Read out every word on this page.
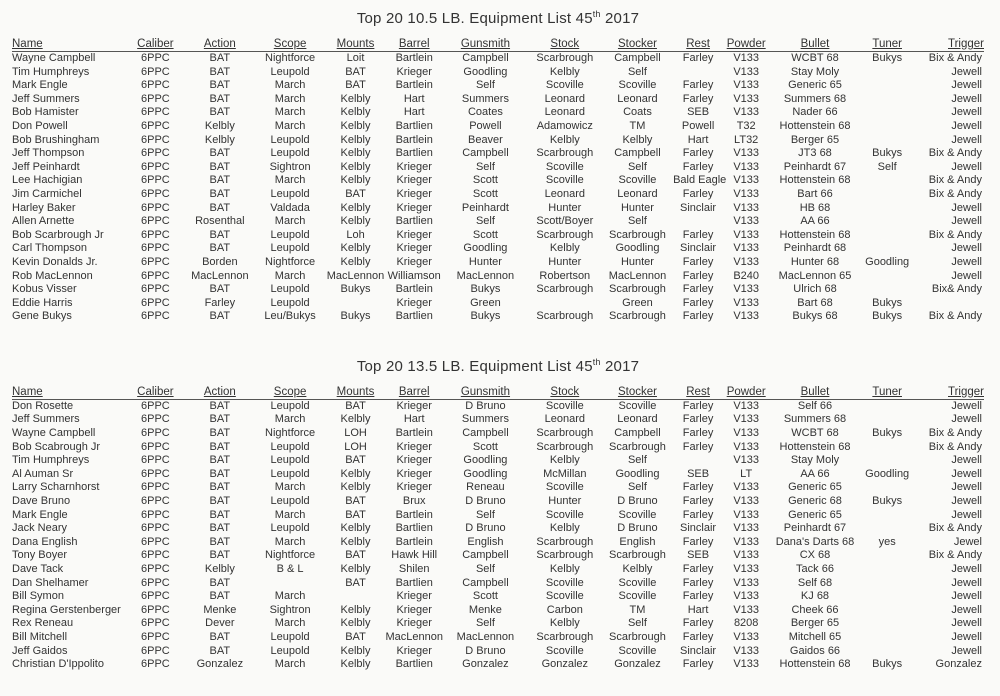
Top 20 10.5 LB. Equipment List 45th 2017
Name	Caliber	Action	Scope	Mounts	Barrel	Gunsmith	Stock	Stocker	Rest	Powder	Bullet	Tuner	Trigger
Wayne Campbell	6PPC	BAT	Nightforce	Loit	Bartlein	Campbell	Scarbrough	Campbell	Farley	V133	WCBT 68	Bukys	Bix & Andy
Tim Humphreys	6PPC	BAT	Leupold	BAT	Krieger	Goodling	Kelbly	Self		V133	Stay Moly		Jewell
Mark Engle	6PPC	BAT	March	BAT	Bartlein	Self	Scoville	Scoville	Farley	V133	Generic 65		Jewell
Jeff Summers	6PPC	BAT	March	Kelbly	Hart	Summers	Leonard	Leonard	Farley	V133	Summers 68		Jewell
Bob Hamister	6PPC	BAT	March	Kelbly	Hart	Coates	Leonard	Coats	SEB	V133	Nader 66		Jewell
Don Powell	6PPC	Kelbly	March	Kelbly	Bartlien	Powell	Adamowicz	TM	Powell	T32	Hottenstein 68		Jewell
Bob Brushingham	6PPC	Kelbly	Leupold	Kelbly	Bartlein	Beaver	Kelbly	Kelbly	Hart	LT32	Berger 65		Jewell
Jeff Thompson	6PPC	BAT	Leupold	Kelbly	Bartlien	Campbell	Scarbrough	Campbell	Farley	V133	JT3 68	Bukys	Bix & Andy
Jeff Peinhardt	6PPC	BAT	Sightron	Kelbly	Krieger	Self	Scoville	Self	Farley	V133	Peinhardt 67	Self	Jewell
Lee Hachigian	6PPC	BAT	March	Kelbly	Krieger	Scott	Scoville	Scoville	Bald Eagle	V133	Hottenstein 68		Bix & Andy
Jim Carmichel	6PPC	BAT	Leupold	BAT	Krieger	Scott	Leonard	Leonard	Farley	V133	Bart 66		Bix & Andy
Harley Baker	6PPC	BAT	Valdada	Kelbly	Krieger	Peinhardt	Hunter	Hunter	Sinclair	V133	HB 68		Jewell
Allen Arnette	6PPC	Rosenthal	March	Kelbly	Bartlien	Self	Scott/Boyer	Self		V133	AA 66		Jewell
Bob Scarbrough Jr	6PPC	BAT	Leupold	Loh	Krieger	Scott	Scarbrough	Scarbrough	Farley	V133	Hottenstein 68		Bix & Andy
Carl Thompson	6PPC	BAT	Leupold	Kelbly	Krieger	Goodling	Kelbly	Goodling	Sinclair	V133	Peinhardt 68		Jewell
Kevin Donalds Jr.	6PPC	Borden	Nightforce	Kelbly	Krieger	Hunter	Hunter	Hunter	Farley	V133	Hunter 68	Goodling	Jewell
Rob MacLennon	6PPC	MacLennon	March	MacLennon	Williamson	MacLennon	Robertson	MacLennon	Farley	B240	MacLennon 65		Jewell
Kobus Visser	6PPC	BAT	Leupold	Bukys	Bartlein	Bukys	Scarbrough	Scarbrough	Farley	V133	Ulrich 68		Bix& Andy
Eddie Harris	6PPC	Farley	Leupold		Krieger	Green		Green	Farley	V133	Bart 68	Bukys	
Gene Bukys	6PPC	BAT	Leu/Bukys	Bukys	Bartlien	Bukys	Scarbrough	Scarbrough	Farley	V133	Bukys 68	Bukys	Bix & Andy
Top 20 13.5 LB. Equipment List 45th 2017
Name	Caliber	Action	Scope	Mounts	Barrel	Gunsmith	Stock	Stocker	Rest	Powder	Bullet	Tuner	Trigger
Don Rosette	6PPC	BAT	Leupold	BAT	Krieger	D Bruno	Scoville	Scoville	Farley	V133	Self 66		Jewell
Jeff Summers	6PPC	BAT	March	Kelbly	Hart	Summers	Leonard	Leonard	Farley	V133	Summers 68		Jewell
Wayne Campbell	6PPC	BAT	Nightforce	LOH	Bartlein	Campbell	Scarbrough	Campbell	Farley	V133	WCBT 68	Bukys	Bix & Andy
Bob Scabrough Jr	6PPC	BAT	Leupold	LOH	Krieger	Scott	Scarbrough	Scarbrough	Farley	V133	Hottenstein 68		Bix & Andy
Tim Humphreys	6PPC	BAT	Leupold	BAT	Krieger	Goodling	Kelbly	Self		V133	Stay Moly		Jewell
Al Auman Sr	6PPC	BAT	Leupold	Kelbly	Krieger	Goodling	McMillan	Goodling	SEB	LT	AA 66	Goodling	Jewell
Larry Scharnhorst	6PPC	BAT	March	Kelbly	Krieger	Reneau	Scoville	Self	Farley	V133	Generic 65		Jewell
Dave Bruno	6PPC	BAT	Leupold	BAT	Brux	D Bruno	Hunter	D Bruno	Farley	V133	Generic 68	Bukys	Jewell
Mark Engle	6PPC	BAT	March	BAT	Bartlein	Self	Scoville	Scoville	Farley	V133	Generic 65		Jewell
Jack Neary	6PPC	BAT	Leupold	Kelbly	Bartlien	D Bruno	Kelbly	D Bruno	Sinclair	V133	Peinhardt 67		Bix & Andy
Dana English	6PPC	BAT	March	Kelbly	Bartlein	English	Scarbrough	English	Farley	V133	Dana's Darts 68	yes	Jewel
Tony Boyer	6PPC	BAT	Nightforce	BAT	Hawk Hill	Campbell	Scarbrough	Scarbrough	SEB	V133	CX 68		Bix & Andy
Dave Tack	6PPC	Kelbly	B & L	Kelbly	Shilen	Self	Kelbly	Kelbly	Farley	V133	Tack 66		Jewell
Dan Shelhamer	6PPC	BAT		BAT	Bartlien	Campbell	Scoville	Scoville	Farley	V133	Self 68		Jewell
Bill Symon	6PPC	BAT	March		Krieger	Scott	Scoville	Scoville	Farley	V133	KJ 68		Jewell
Regina Gerstenberger	6PPC	Menke	Sightron	Kelbly	Krieger	Menke	Carbon	TM	Hart	V133	Cheek 66		Jewell
Rex Reneau	6PPC	Dever	March	Kelbly	Krieger	Self	Kelbly	Self	Farley	8208	Berger 65		Jewell
Bill Mitchell	6PPC	BAT	Leupold	BAT	MacLennon	MacLennon	Scarbrough	Scarbrough	Farley	V133	Mitchell 65		Jewell
Jeff Gaidos	6PPC	BAT	Leupold	Kelbly	Krieger	D Bruno	Scoville	Scoville	Sinclair	V133	Gaidos 66		Jewell
Christian D'Ippolito	6PPC	Gonzalez	March	Kelbly	Bartlien	Gonzalez	Gonzalez	Gonzalez	Farley	V133	Hottenstein 68	Bukys	Gonzalez
